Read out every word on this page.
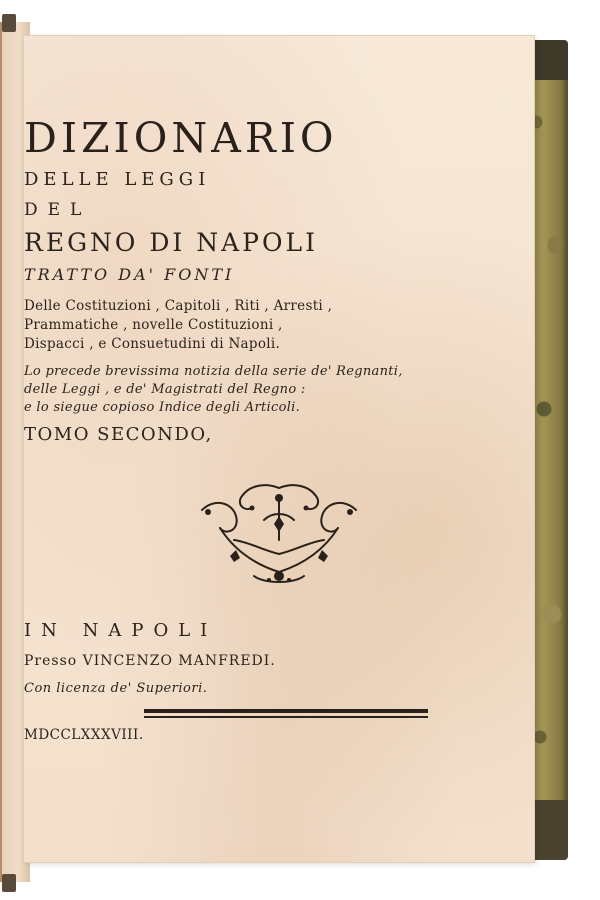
DIZIONARIO
DELLE LEGGI
DEL
REGNO DI NAPOLI
TRATTO DA' FONTI
Delle Costituzioni , Capitoli , Riti , Arresti ,
Prammatiche , novelle Costituzioni ,
Dispacci , e Consuetudini di Napoli.
Lo precede brevissima notizia della serie de' Regnanti,
delle Leggi , e de' Magistrati del Regno :
e lo siegue copioso Indice degli Articoli.
TOMO SECONDO,
IN NAPOLI
Presso VINCENZO MANFREDI.
Con licenza de' Superiori.
MDCCLXXXVIII.
